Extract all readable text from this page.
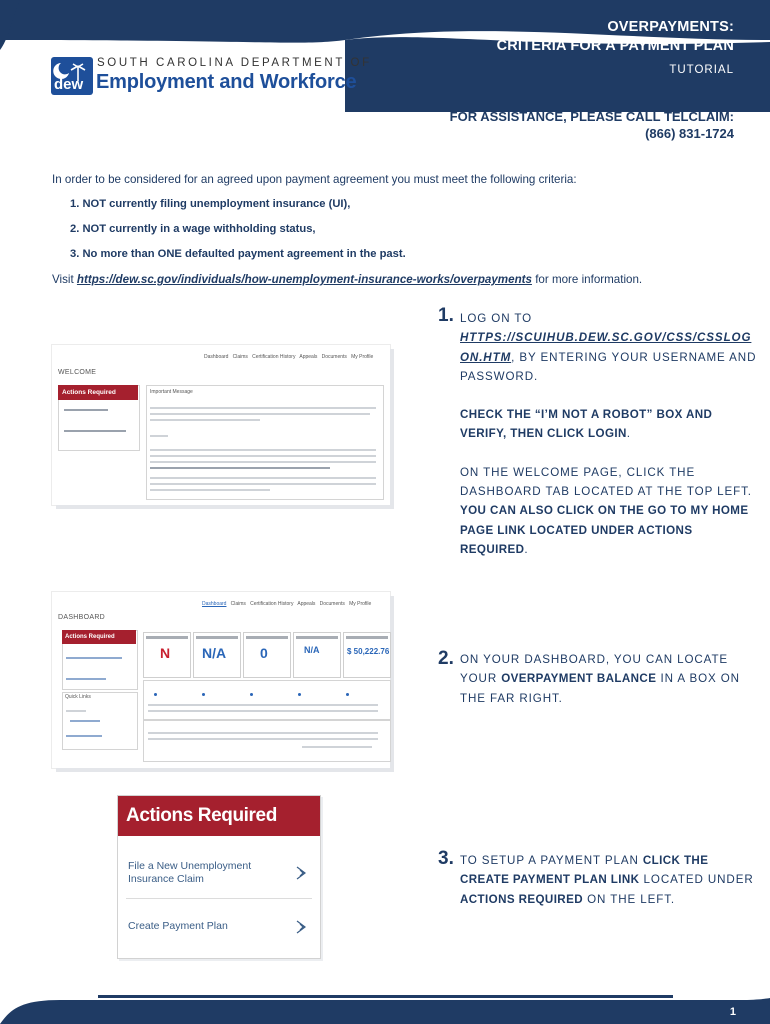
OVERPAYMENTS:
CRITERIA FOR A PAYMENT PLAN
TUTORIAL
dew
SOUTH CAROLINA DEPARTMENT OF
Employment and Workforce
FOR ASSISTANCE, PLEASE CALL TELCLAIM:
(866) 831-1724
In order to be considered for an agreed upon payment agreement you must meet the following criteria:
1. NOT currently filing unemployment insurance (UI),
2. NOT currently in a wage withholding status,
3. No more than ONE defaulted payment agreement in the past.
Visit https://dew.sc.gov/individuals/how-unemployment-insurance-works/overpayments for more information.
1. LOG ON TO
HTTPS://SCUIHUB.DEW.SC.GOV/CSS/CSSLOGON.HTM, BY ENTERING YOUR USERNAME AND PASSWORD.
CHECK THE “I’M NOT A ROBOT” BOX AND VERIFY, THEN CLICK LOGIN.
ON THE WELCOME PAGE, CLICK THE DASHBOARD TAB LOCATED AT THE TOP LEFT. YOU CAN ALSO CLICK ON THE GO TO MY HOME PAGE LINK LOCATED UNDER ACTIONS REQUIRED.
Dashboard Claims Certification History Appeals Documents My Profile
WELCOME
Actions Required	Important Message
Dashboard Claims Certification History Appeals Documents My Profile
DASHBOARD
Actions Required
N N/A 0	N/A	$ 50,222.76
Quick Links
2. ON YOUR DASHBOARD, YOU CAN LOCATE YOUR OVERPAYMENT BALANCE IN A BOX ON THE FAR RIGHT.
Actions Required
File a New Unemployment Insurance Claim
Create Payment Plan
3. TO SETUP A PAYMENT PLAN CLICK THE CREATE PAYMENT PLAN LINK LOCATED UNDER ACTIONS REQUIRED ON THE LEFT.
1
